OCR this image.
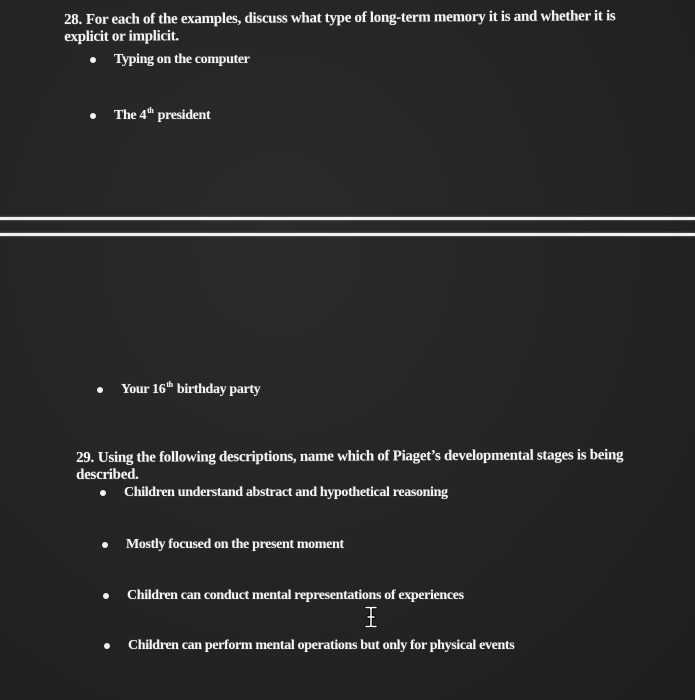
28. For each of the examples, discuss what type of long-term memory it is and whether it is explicit or implicit.
Typing on the computer
The 4th president
Your 16th birthday party
29. Using the following descriptions, name which of Piaget’s developmental stages is being described.
Children understand abstract and hypothetical reasoning
Mostly focused on the present moment
Children can conduct mental representations of experiences
Children can perform mental operations but only for physical events
